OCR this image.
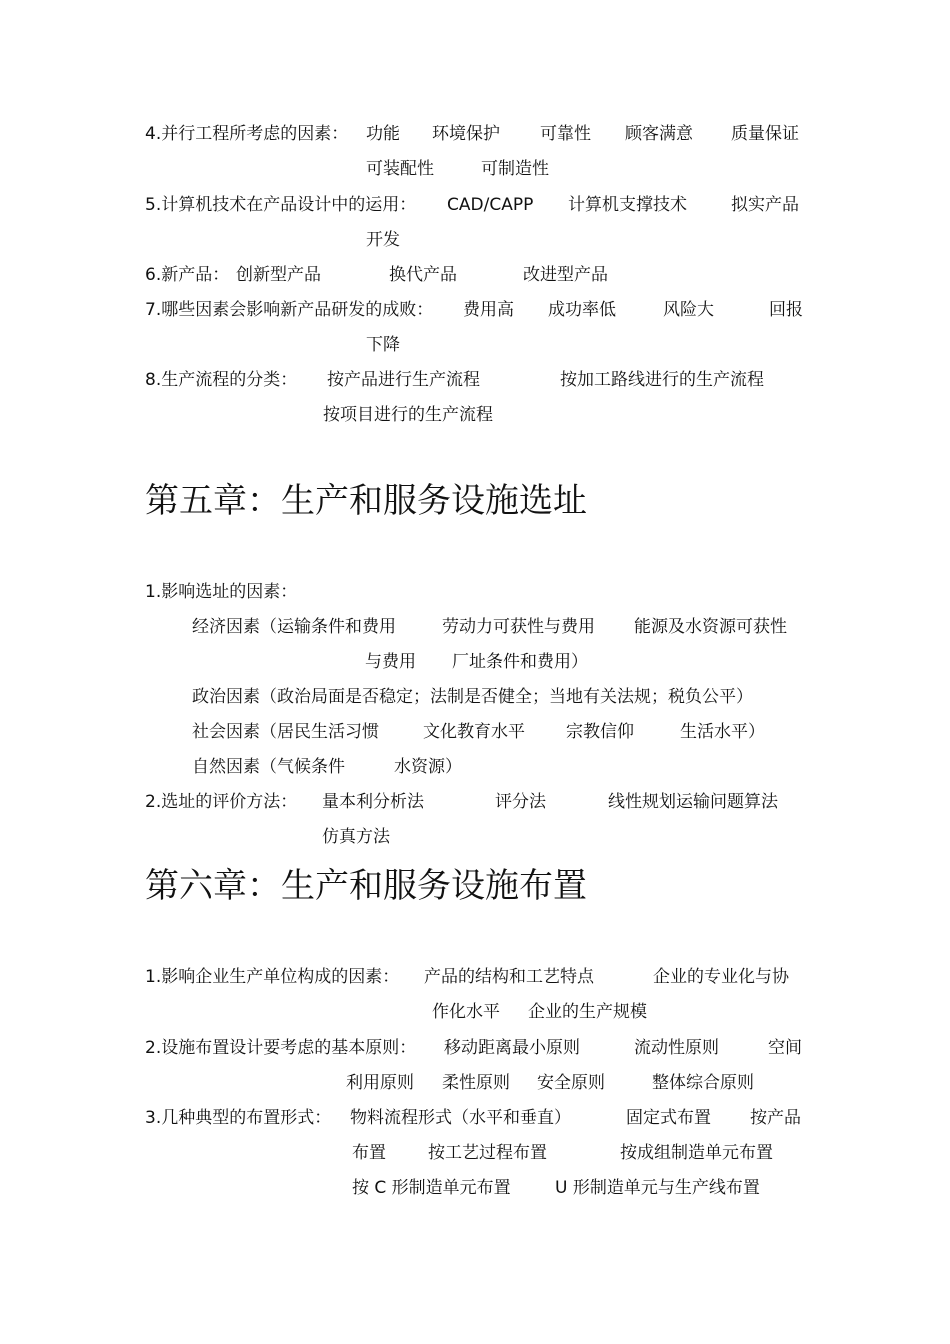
4.并行工程所考虑的因素： 功能 环境保护 可靠性 顾客满意 质量保证
可装配性	可制造性
5.计算机技术在产品设计中的运用： CAD/CAPP 计算机支撑技术	拟实产品
开发
6.新产品： 创新型产品	换代产品	改进型产品
7.哪些因素会影响新产品研发的成败： 费用高 成功率低	风险大	回报
下降
8.生产流程的分类： 按产品进行生产流程	按加工路线进行的生产流程
按项目进行的生产流程
第五章：生产和服务设施选址
1.影响选址的因素：
经济因素（运输条件和费用	劳动力可获性与费用 能源及水资源可获性
与费用 厂址条件和费用）
政治因素（政治局面是否稳定；法制是否健全；当地有关法规；税负公平）
社会因素（居民生活习惯	文化教育水平 宗教信仰	生活水平）
自然因素（气候条件	水资源）
2.选址的评价方法： 量本利分析法	评分法	线性规划运输问题算法
仿真方法
第六章：生产和服务设施布置
1.影响企业生产单位构成的因素： 产品的结构和工艺特点	企业的专业化与协
作化水平 企业的生产规模
2.设施布置设计要考虑的基本原则： 移动距离最小原则	流动性原则	空间
利用原则 柔性原则 安全原则	整体综合原则
3.几种典型的布置形式： 物料流程形式（水平和垂直）	固定式布置 按产品
布置 按工艺过程布置	按成组制造单元布置
按 C 形制造单元布置	U 形制造单元与生产线布置
